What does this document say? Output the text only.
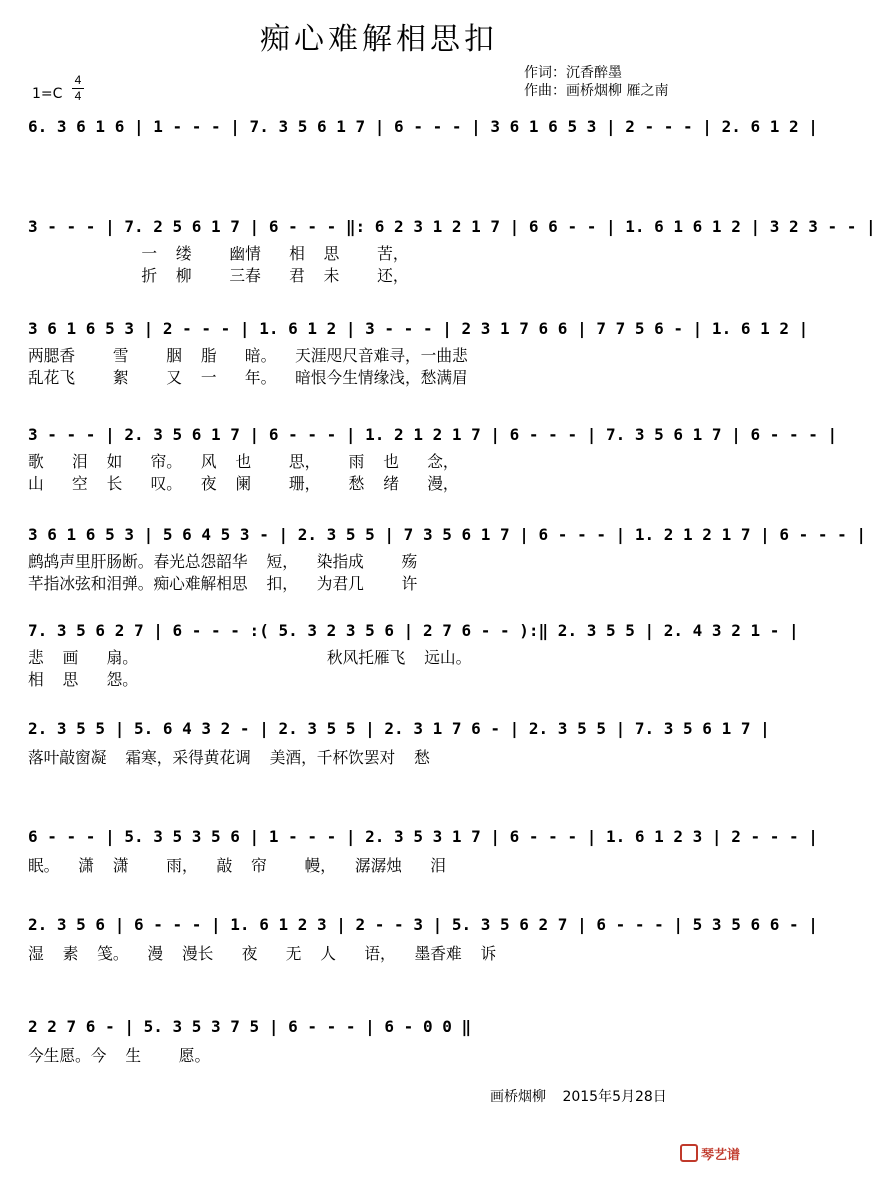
痴心难解相思扣
作词：沉香醉墨
作曲：画桥烟柳 雁之南
1=C
4
4
6. 3 6 1 6 | 1 - - - | 7. 3 5 6 1 7 | 6 - - - | 3 6 1 6 5 3 | 2 - - - | 2. 6 1 2 |
3 - - - | 7. 2 5 6 1 7 | 6 - - - ‖: 6 2 3 1 2 1 7 | 6 6 - - | 1. 6 1 6 1 2 | 3 2 3 - - |
一  缕    幽情   相  思    苦，
折  柳    三春   君  未    还，
3 6 1 6 5 3 | 2 - - - | 1. 6 1 2 | 3 - - - | 2 3 1 7 6 6 | 7 7 5 6 - | 1. 6 1 2 |
两腮香    雪    胭  脂   暗。  天涯咫尺音难寻，一曲悲
乱花飞    絮    又  一   年。  暗恨今生情缘浅，愁满眉
3 - - - | 2. 3 5 6 1 7 | 6 - - - | 1. 2 1 2 1 7 | 6 - - - | 7. 3 5 6 1 7 | 6 - - - |
歌   泪  如   帘。  风  也    思，   雨  也   念，
山   空  长   叹。  夜  阑    珊，   愁  绪   漫，
3 6 1 6 5 3 | 5 6 4 5 3 - | 2. 3 5 5 | 7 3 5 6 1 7 | 6 - - - | 1. 2 1 2 1 7 | 6 - - - |
鹧鸪声里肝肠断。春光总怨韶华  短，  染指成    殇
芊指冰弦和泪弹。痴心难解相思  扣，  为君几    许
7. 3 5 6 2 7 | 6 - - - :( 5. 3 2 3 5 6 | 2 7 6 - - ):‖ 2. 3 5 5 | 2. 4 3 2 1 - |
悲  画   扇。                    秋风托雁飞  远山。
相  思   怨。
2. 3 5 5 | 5. 6 4 3 2 - | 2. 3 5 5 | 2. 3 1 7 6 - | 2. 3 5 5 | 7. 3 5 6 1 7 |
落叶敲窗凝  霜寒，采得黄花调  美酒，千杯饮罢对  愁
6 - - - | 5. 3 5 3 5 6 | 1 - - - | 2. 3 5 3 1 7 | 6 - - - | 1. 6 1 2 3 | 2 - - - |
眠。  潇  潇    雨，  敲  帘    幔，  潺潺烛   泪
2. 3 5 6 | 6 - - - | 1. 6 1 2 3 | 2 - - 3 | 5. 3 5 6 2 7 | 6 - - - | 5 3 5 6 6 - |
湿  素  笺。  漫  漫长   夜   无  人   语，  墨香难  诉
2 2 7 6 - | 5. 3 5 3 7 5 | 6 - - - | 6 - 0 0 ‖
今生愿。今  生    愿。
画桥烟柳 2015年5月28日
琴艺谱
